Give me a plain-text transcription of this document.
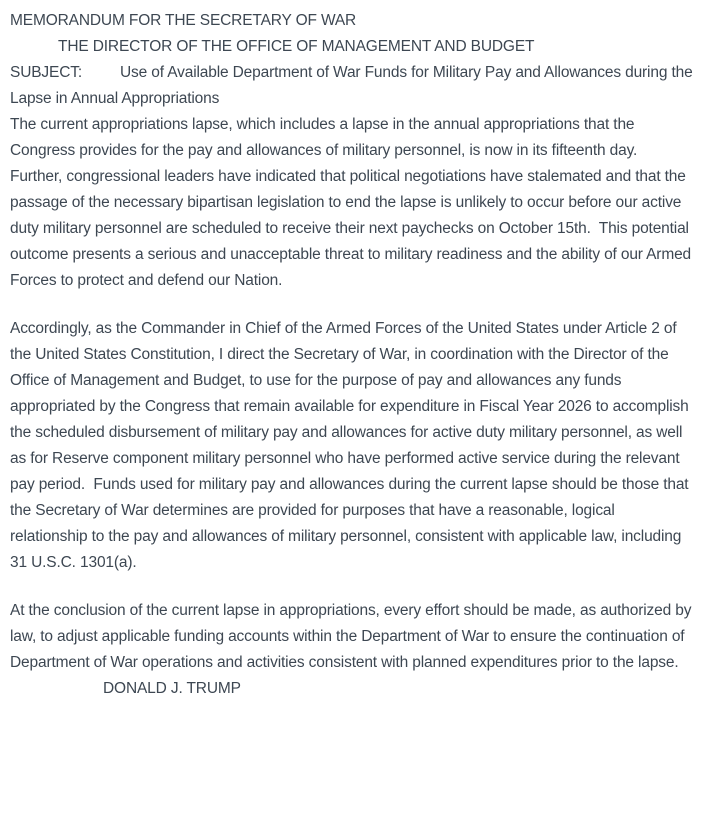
MEMORANDUM FOR THE SECRETARY OF WAR

THE DIRECTOR OF THE OFFICE OF MANAGEMENT AND BUDGET

SUBJECT: Use of Available Department of War Funds for Military Pay and Allowances during the Lapse in Annual Appropriations

The current appropriations lapse, which includes a lapse in the annual appropriations that the Congress provides for the pay and allowances of military personnel, is now in its fifteenth day.  Further, congressional leaders have indicated that political negotiations have stalemated and that the passage of the necessary bipartisan legislation to end the lapse is unlikely to occur before our active duty military personnel are scheduled to receive their next paychecks on October 15th.  This potential outcome presents a serious and unacceptable threat to military readiness and the ability of our Armed Forces to protect and defend our Nation.

Accordingly, as the Commander in Chief of the Armed Forces of the United States under Article 2 of the United States Constitution, I direct the Secretary of War, in coordination with the Director of the Office of Management and Budget, to use for the purpose of pay and allowances any funds appropriated by the Congress that remain available for expenditure in Fiscal Year 2026 to accomplish the scheduled disbursement of military pay and allowances for active duty military personnel, as well as for Reserve component military personnel who have performed active service during the relevant pay period.  Funds used for military pay and allowances during the current lapse should be those that the Secretary of War determines are provided for purposes that have a reasonable, logical relationship to the pay and allowances of military personnel, consistent with applicable law, including 31 U.S.C. 1301(a).

At the conclusion of the current lapse in appropriations, every effort should be made, as authorized by law, to adjust applicable funding accounts within the Department of War to ensure the continuation of Department of War operations and activities consistent with planned expenditures prior to the lapse.

DONALD J. TRUMP
